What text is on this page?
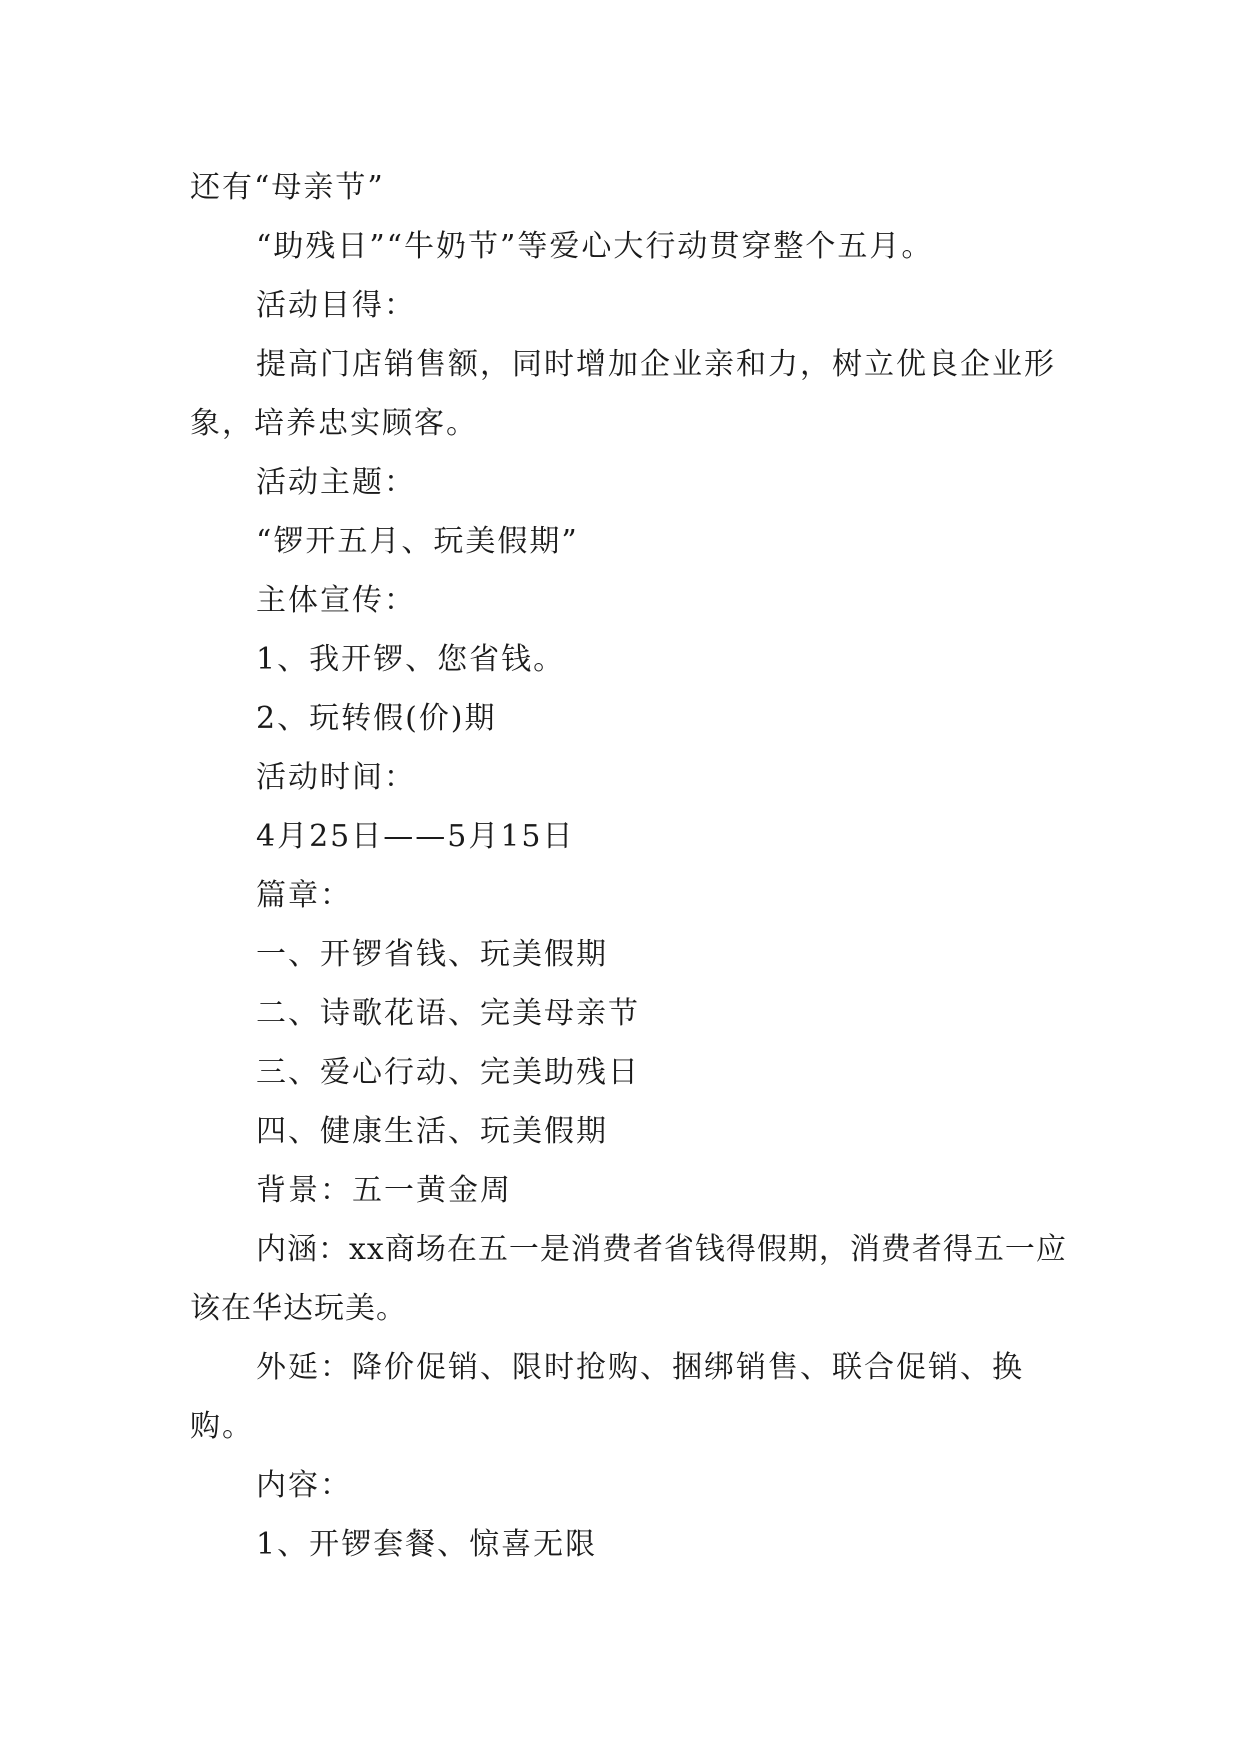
还有“母亲节”

“助残日”“牛奶节”等爱心大行动贯穿整个五月。

活动目得：

提高门店销售额，同时增加企业亲和力，树立优良企业形象，培养忠实顾客。

活动主题：

“锣开五月、玩美假期”

主体宣传：

1、我开锣、您省钱。

2、玩转假(价)期

活动时间：

4月25日——5月15日

篇章：

一、开锣省钱、玩美假期

二、诗歌花语、完美母亲节

三、爱心行动、完美助残日

四、健康生活、玩美假期

背景：五一黄金周

内涵：xx商场在五一是消费者省钱得假期，消费者得五一应该在华达玩美。

外延：降价促销、限时抢购、捆绑销售、联合促销、换购。

内容：

1、开锣套餐、惊喜无限
